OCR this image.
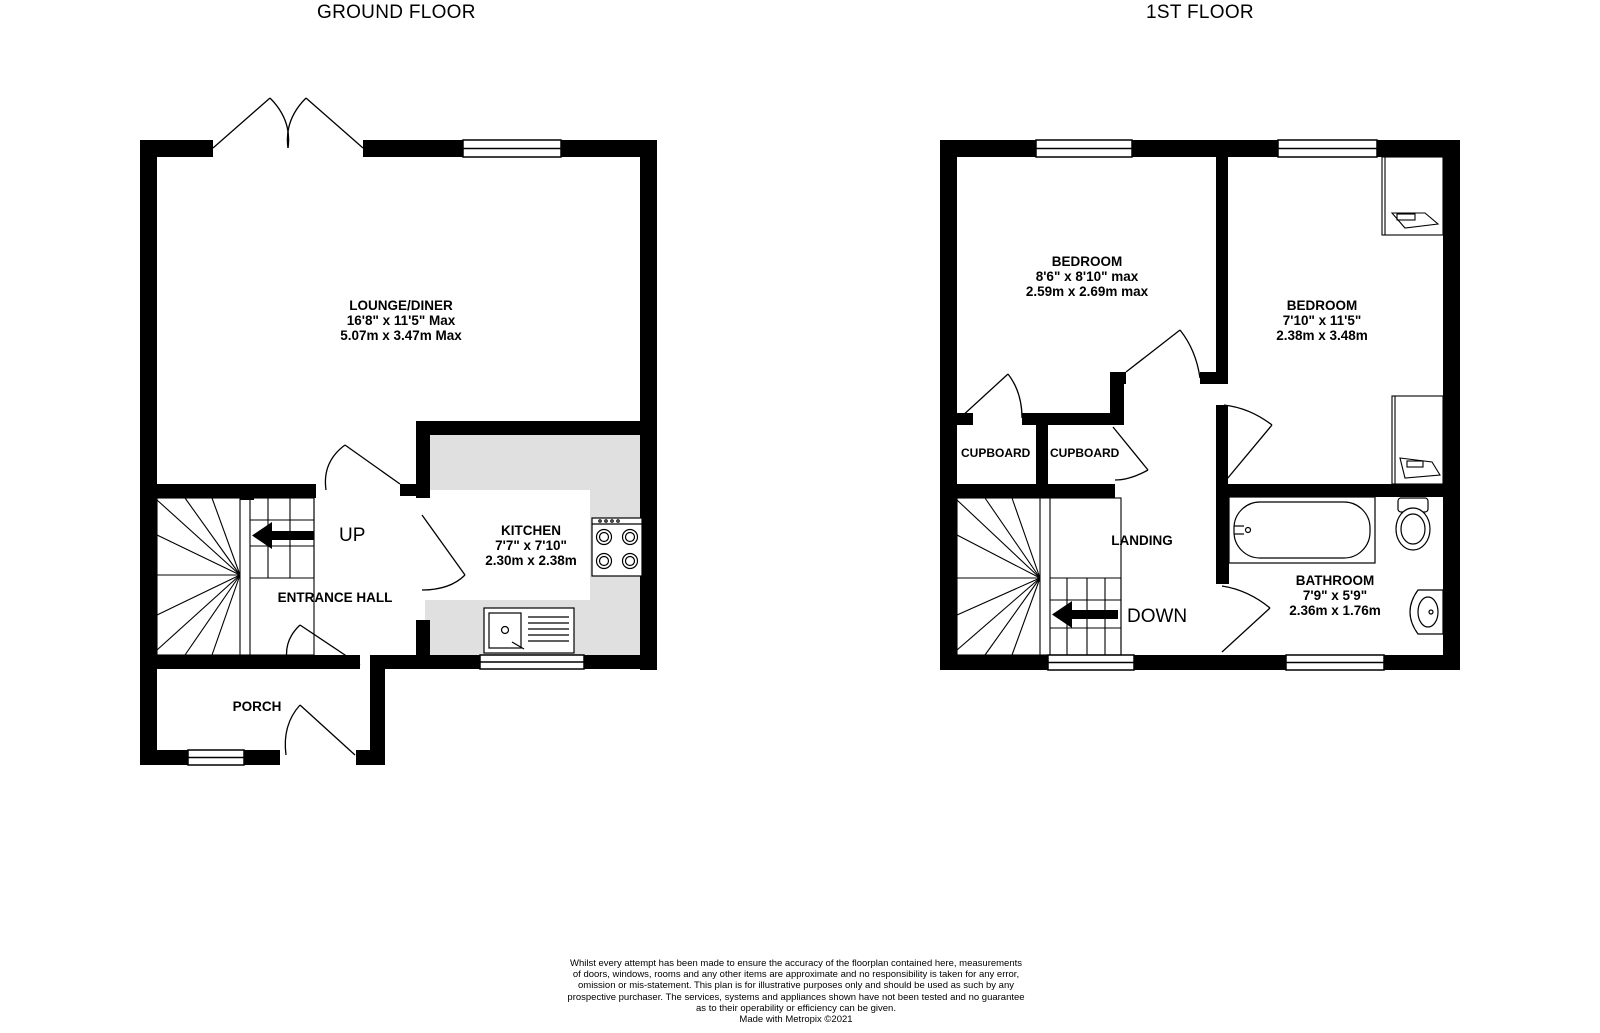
GROUND FLOOR	1ST FLOOR
LOUNGE/DINER
16'8" x 11'5" Max
5.07m x 3.47m Max
KITCHEN
7'7" x 7'10"
2.30m x 2.38m
ENTRANCE HALL
PORCH
UP
BEDROOM
8'6" x 8'10" max
2.59m x 2.69m max
BEDROOM
7'10" x 11'5"
2.38m x 3.48m
CUPBOARD CUPBOARD
LANDING
BATHROOM
7'9" x 5'9"
2.36m x 1.76m
DOWN
Whilst every attempt has been made to ensure the accuracy of the floorplan contained here, measurements
of doors, windows, rooms and any other items are approximate and no responsibility is taken for any error,
omission or mis-statement. This plan is for illustrative purposes only and should be used as such by any
prospective purchaser. The services, systems and appliances shown have not been tested and no guarantee
as to their operability or efficiency can be given.
Made with Metropix ©2021
